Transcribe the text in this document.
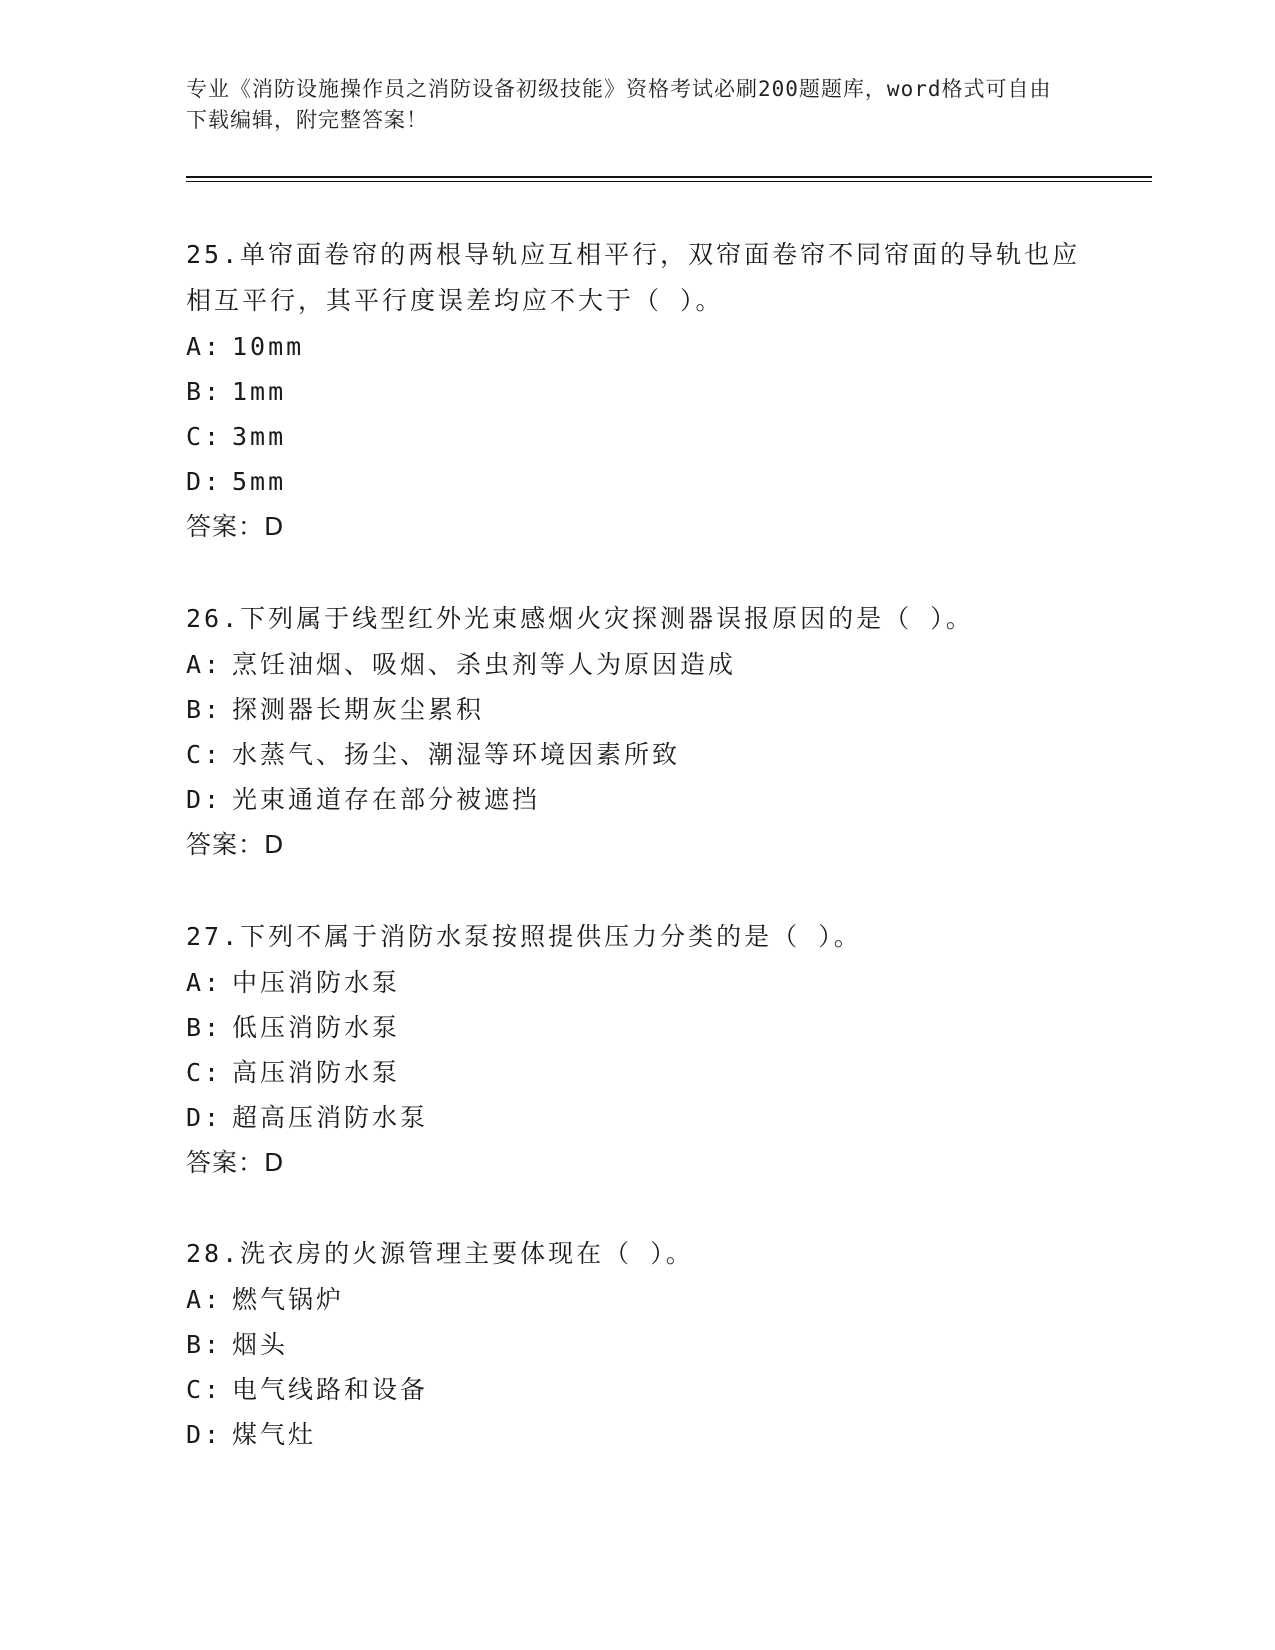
专业《消防设施操作员之消防设备初级技能》资格考试必刷200题题库，word格式可自由下载编辑，附完整答案！

25.单帘面卷帘的两根导轨应互相平行，双帘面卷帘不同帘面的导轨也应相互平行，其平行度误差均应不大于（ ）。

A: 10mm
B: 1mm
C: 3mm
D: 5mm
答案：D

26.下列属于线型红外光束感烟火灾探测器误报原因的是（ ）。

A: 烹饪油烟、吸烟、杀虫剂等人为原因造成
B: 探测器长期灰尘累积
C: 水蒸气、扬尘、潮湿等环境因素所致
D: 光束通道存在部分被遮挡
答案：D

27.下列不属于消防水泵按照提供压力分类的是（ ）。

A: 中压消防水泵
B: 低压消防水泵
C: 高压消防水泵
D: 超高压消防水泵
答案：D

28.洗衣房的火源管理主要体现在（ ）。

A: 燃气锅炉
B: 烟头
C: 电气线路和设备
D: 煤气灶
